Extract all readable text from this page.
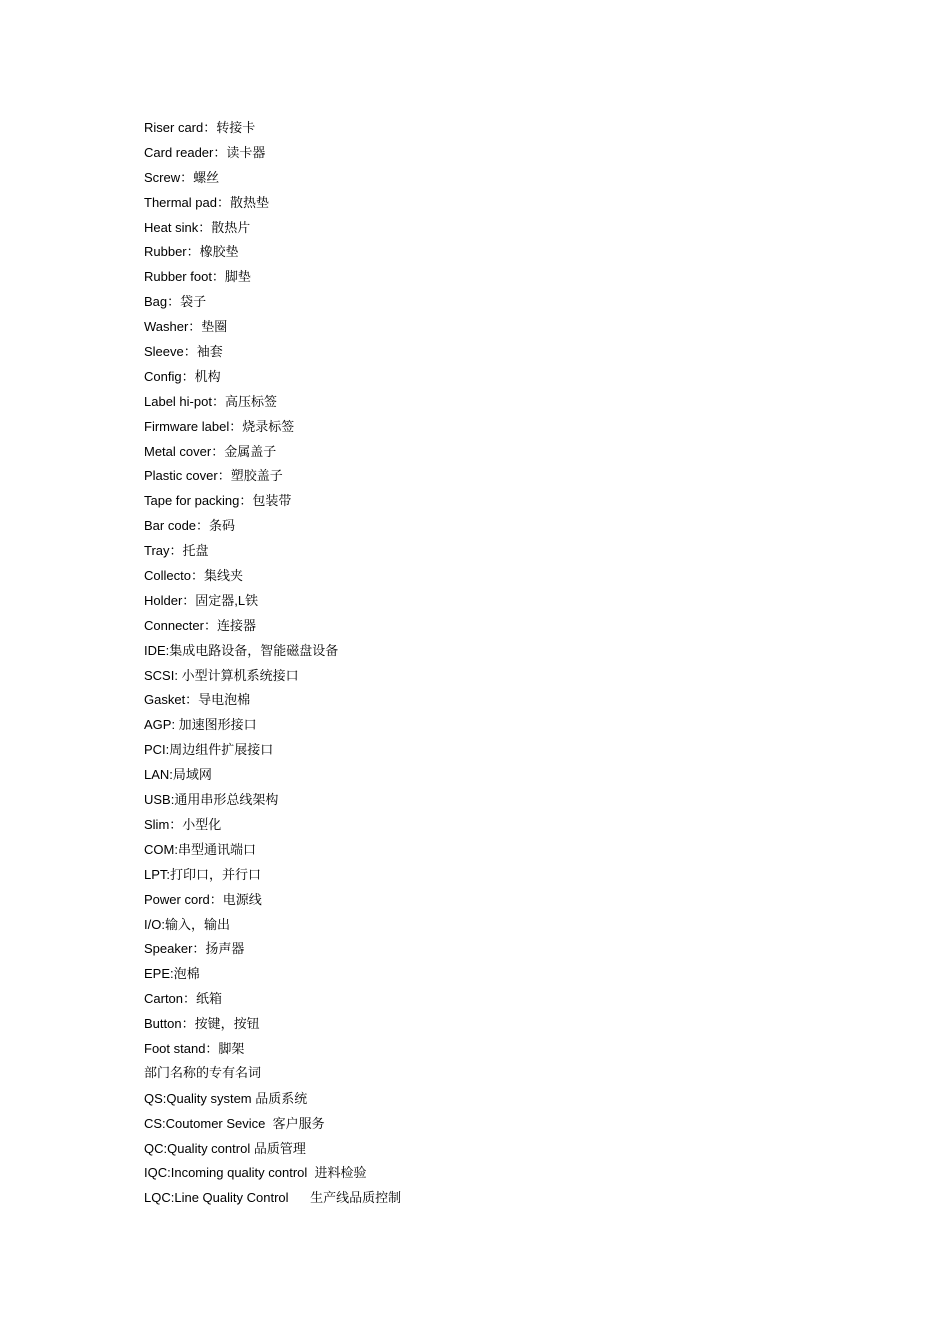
Riser card：转接卡
Card reader：读卡器
Screw：螺丝
Thermal pad：散热垫
Heat sink：散热片
Rubber：橡胶垫
Rubber foot：脚垫
Bag：袋子
Washer：垫圈
Sleeve：袖套
Config：机构
Label hi-pot：高压标签
Firmware label：烧录标签
Metal cover：金属盖子
Plastic cover：塑胶盖子
Tape for packing：包装带
Bar code：条码
Tray：托盘
Collecto：集线夹
Holder：固定器,L铁
Connecter：连接器
IDE:集成电路设备，智能磁盘设备
SCSI: 小型计算机系统接口
Gasket：导电泡棉
AGP: 加速图形接口
PCI:周边组件扩展接口
LAN:局域网
USB:通用串形总线架构
Slim：小型化
COM:串型通讯端口
LPT:打印口，并行口
Power cord：电源线
I/O:输入，输出
Speaker：扬声器
EPE:泡棉
Carton：纸箱
Button：按键，按钮
Foot stand：脚架
部门名称的专有名词
QS:Quality system 品质系统
CS:Coutomer Sevice  客户服务
QC:Quality control 品质管理
IQC:Incoming quality control  进料检验
LQC:Line Quality Control      生产线品质控制
